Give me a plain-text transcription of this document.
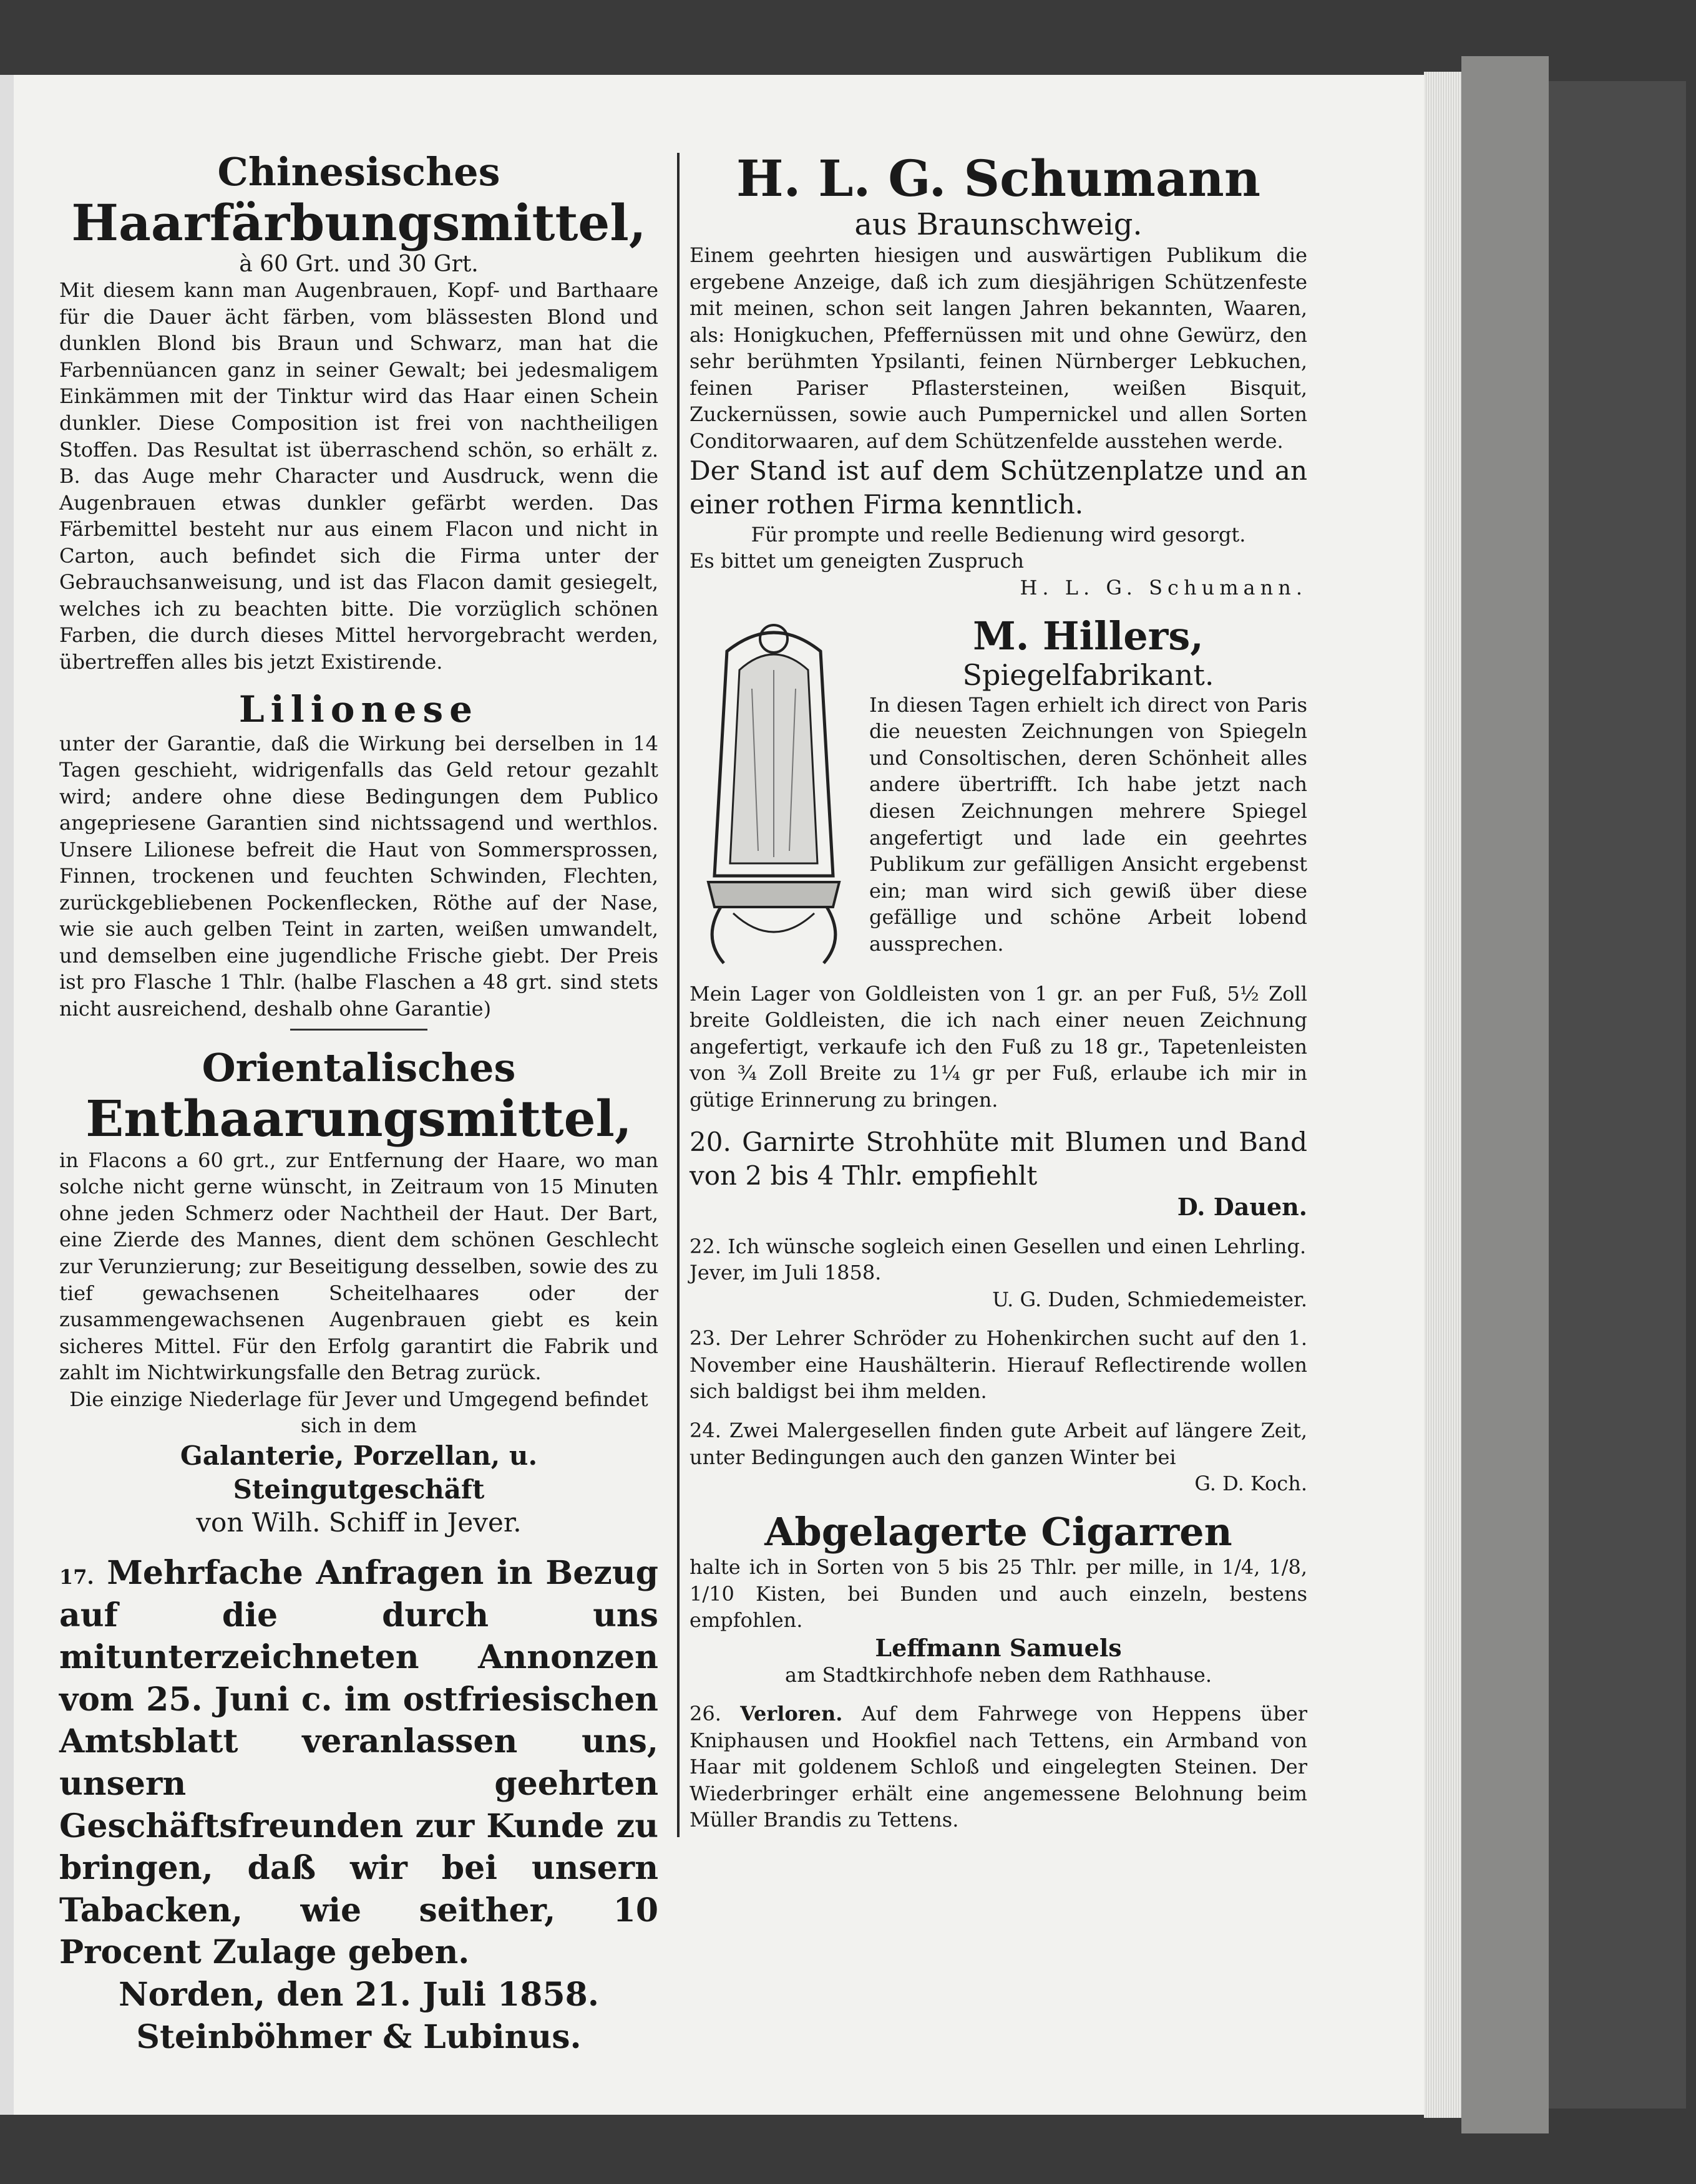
Chinesisches
Haarfärbungsmittel,
à 60 Grt. und 30 Grt.
Mit diesem kann man Augenbrauen, Kopf- und Barthaare für die Dauer ächt färben, vom blässesten Blond und dunklen Blond bis Braun und Schwarz, man hat die Farbennüancen ganz in seiner Gewalt; bei jedesmaligem Einkämmen mit der Tinktur wird das Haar einen Schein dunkler. Diese Composition ist frei von nachtheiligen Stoffen. Das Resultat ist überraschend schön, so erhält z. B. das Auge mehr Character und Ausdruck, wenn die Augenbrauen etwas dunkler gefärbt werden. Das Färbemittel besteht nur aus einem Flacon und nicht in Carton, auch befindet sich die Firma unter der Gebrauchsanweisung, und ist das Flacon damit gesiegelt, welches ich zu beachten bitte. Die vorzüglich schönen Farben, die durch dieses Mittel hervorgebracht werden, übertreffen alles bis jetzt Existirende.
Lilionese
unter der Garantie, daß die Wirkung bei derselben in 14 Tagen geschieht, widrigenfalls das Geld retour gezahlt wird; andere ohne diese Bedingungen dem Publico angepriesene Garantien sind nichtssagend und werthlos. Unsere Lilionese befreit die Haut von Sommersprossen, Finnen, trockenen und feuchten Schwinden, Flechten, zurückgebliebenen Pockenflecken, Röthe auf der Nase, wie sie auch gelben Teint in zarten, weißen umwandelt, und demselben eine jugendliche Frische giebt. Der Preis ist pro Flasche 1 Thlr. (halbe Flaschen a 48 grt. sind stets nicht ausreichend, deshalb ohne Garantie)
Orientalisches
Enthaarungsmittel,
in Flacons a 60 grt., zur Entfernung der Haare, wo man solche nicht gerne wünscht, in Zeitraum von 15 Minuten ohne jeden Schmerz oder Nachtheil der Haut. Der Bart, eine Zierde des Mannes, dient dem schönen Geschlecht zur Verunzierung; zur Beseitigung desselben, sowie des zu tief gewachsenen Scheitelhaares oder der zusammengewachsenen Augenbrauen giebt es kein sicheres Mittel. Für den Erfolg garantirt die Fabrik und zahlt im Nichtwirkungsfalle den Betrag zurück.
Die einzige Niederlage für Jever und Umgegend befindet sich in dem
Galanterie, Porzellan, u. Steingutgeschäft
von Wilh. Schiff in Jever.
17. Mehrfache Anfragen in Bezug auf die durch uns mitunterzeichneten Annonzen vom 25. Juni c. im ostfriesischen Amtsblatt veranlassen uns, unsern geehrten Geschäftsfreunden zur Kunde zu bringen, daß wir bei unsern Tabacken, wie seither, 10 Procent Zulage geben.
Norden, den 21. Juli 1858.
Steinböhmer & Lubinus.
H. L. G. Schumann
aus Braunschweig.
Einem geehrten hiesigen und auswärtigen Publikum die ergebene Anzeige, daß ich zum diesjährigen Schützenfeste mit meinen, schon seit langen Jahren bekannten, Waaren, als: Honigkuchen, Pfeffernüssen mit und ohne Gewürz, den sehr berühmten Ypsilanti, feinen Nürnberger Lebkuchen, feinen Pariser Pflastersteinen, weißen Bisquit, Zuckernüssen, sowie auch Pumpernickel und allen Sorten Conditorwaaren, auf dem Schützenfelde ausstehen werde.
Der Stand ist auf dem Schützenplatze und an einer rothen Firma kenntlich.
Für prompte und reelle Bedienung wird gesorgt.
Es bittet um geneigten Zuspruch
H. L. G. Schumann.
M. Hillers,
Spiegelfabrikant.
In diesen Tagen erhielt ich direct von Paris die neuesten Zeichnungen von Spiegeln und Consoltischen, deren Schönheit alles andere übertrifft. Ich habe jetzt nach diesen Zeichnungen mehrere Spiegel angefertigt und lade ein geehrtes Publikum zur gefälligen Ansicht ergebenst ein; man wird sich gewiß über diese gefällige und schöne Arbeit lobend aussprechen.
Mein Lager von Goldleisten von 1 gr. an per Fuß, 5½ Zoll breite Goldleisten, die ich nach einer neuen Zeichnung angefertigt, verkaufe ich den Fuß zu 18 gr., Tapetenleisten von ¾ Zoll Breite zu 1¼ gr per Fuß, erlaube ich mir in gütige Erinnerung zu bringen.
20. Garnirte Strohhüte mit Blumen und Band von 2 bis 4 Thlr. empfiehlt
D. Dauen.
22. Ich wünsche sogleich einen Gesellen und einen Lehrling.
Jever, im Juli 1858.
U. G. Duden, Schmiedemeister.
23. Der Lehrer Schröder zu Hohenkirchen sucht auf den 1. November eine Haushälterin. Hierauf Reflectirende wollen sich baldigst bei ihm melden.
24. Zwei Malergesellen finden gute Arbeit auf längere Zeit, unter Bedingungen auch den ganzen Winter bei
G. D. Koch.
Abgelagerte Cigarren
halte ich in Sorten von 5 bis 25 Thlr. per mille, in 1/4, 1/8, 1/10 Kisten, bei Bunden und auch einzeln, bestens empfohlen.
Leffmann Samuels
am Stadtkirchhofe neben dem Rathhause.
26. Verloren. Auf dem Fahrwege von Heppens über Kniphausen und Hookfiel nach Tettens, ein Armband von Haar mit goldenem Schloß und eingelegten Steinen. Der Wiederbringer erhält eine angemessene Belohnung beim Müller Brandis zu Tettens.
